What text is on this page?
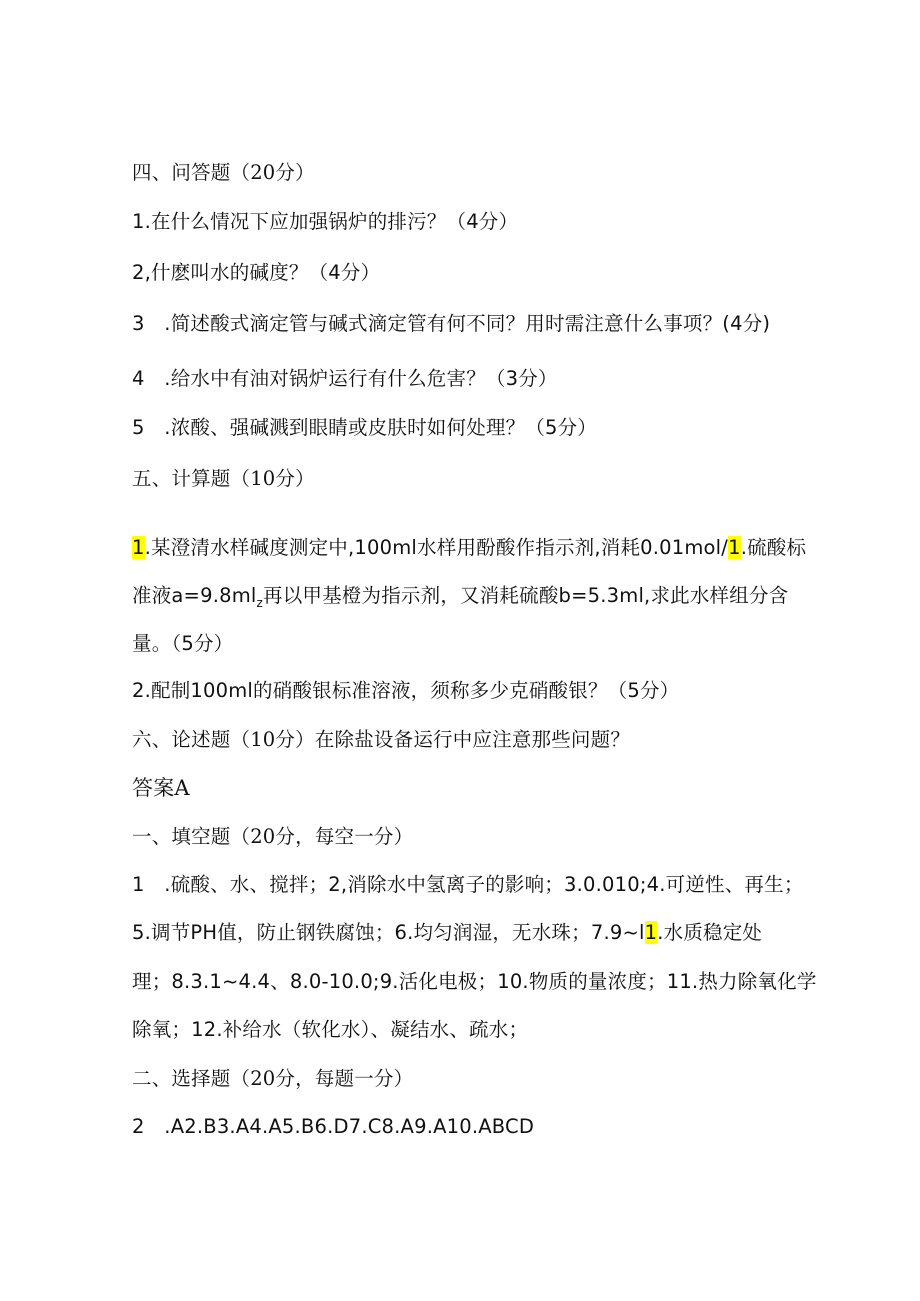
四、问答题（20分）
1.在什么情况下应加强锅炉的排污？（4分）
2,什麽叫水的碱度？（4分）
3　.简述酸式滴定管与碱式滴定管有何不同？用时需注意什么事项？(4分)
4　.给水中有油对锅炉运行有什么危害？（3分）
5　.浓酸、强碱溅到眼睛或皮肤时如何处理？（5分）
五、计算题（10分）
1.某澄清水样碱度测定中,100ml水样用酚酸作指示剂,消耗0.01mol/1.硫酸标
准液$a=9.8ml_z$再以甲基橙为指示剂，又消耗硫酸b=5.3ml,求此水样组分含
量。（5分）
2.配制100ml的硝酸银标准溶液，须称多少克硝酸银？（5分）
六、论述题（10分）在除盐设备运行中应注意那些问题？
答案A
一、填空题（20分，每空一分）
1　.硫酸、水、搅拌；2,消除水中氢离子的影响；3.0.010;4.可逆性、再生；
5.调节PH值，防止钢铁腐蚀；6.均匀润湿，无水珠；7.9~l1.水质稳定处
理；8.3.1~4.4、8.0-10.0;9.活化电极；10.物质的量浓度；11.热力除氧化学
除氧；12.补给水（软化水）、凝结水、疏水；
二、选择题（20分，每题一分）
2　.A2.B3.A4.A5.B6.D7.C8.A9.A10.ABCD
